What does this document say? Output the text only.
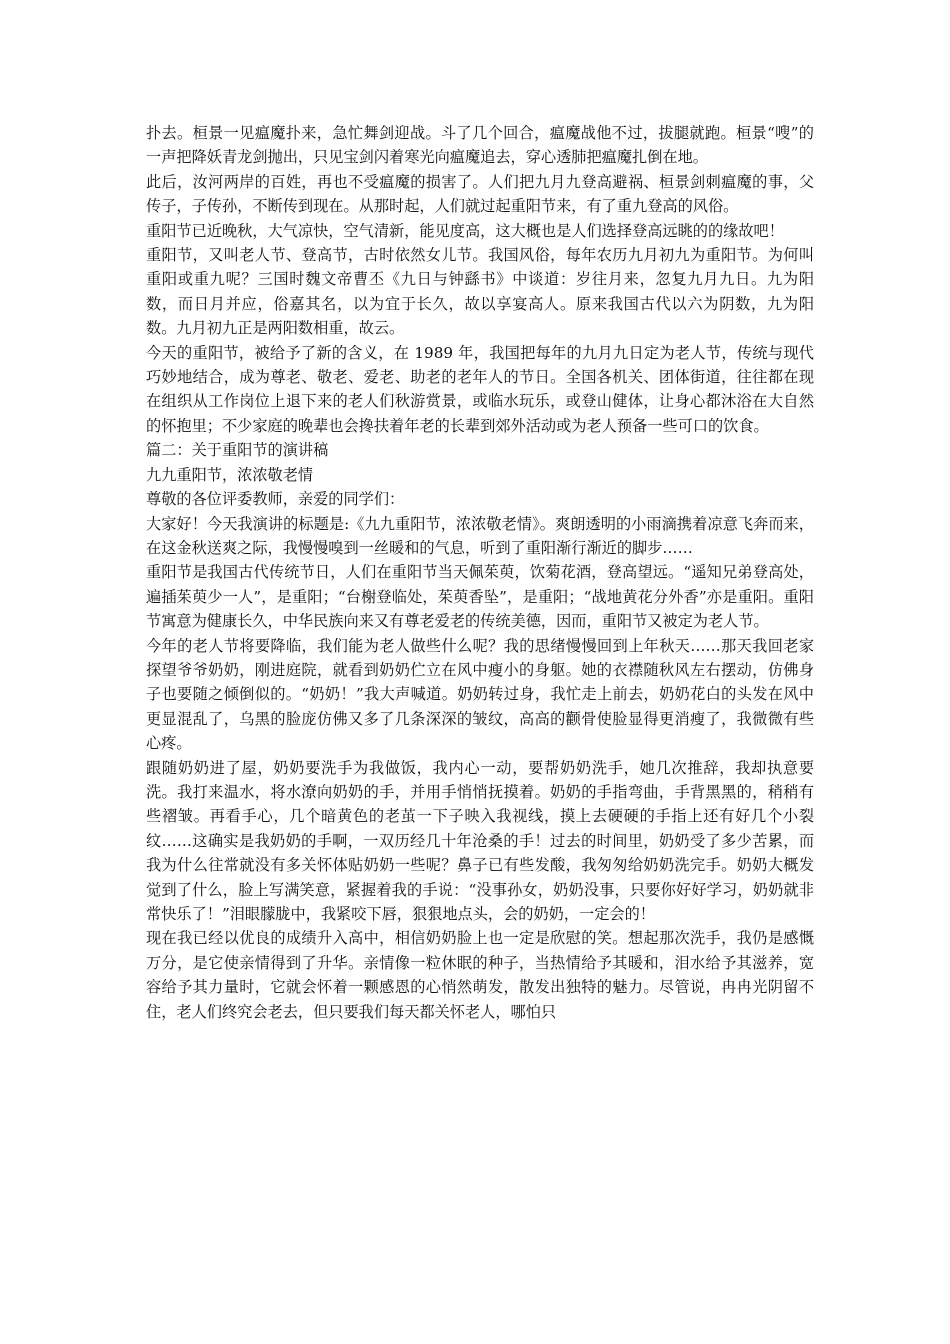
扑去。桓景一见瘟魔扑来，急忙舞剑迎战。斗了几个回合，瘟魔战他不过，拔腿就跑。桓景“嗖”的一声把降妖青龙剑抛出，只见宝剑闪着寒光向瘟魔追去，穿心透肺把瘟魔扎倒在地。

此后，汝河两岸的百姓，再也不受瘟魔的损害了。人们把九月九登高避祸、桓景剑刺瘟魔的事，父传子，子传孙，不断传到现在。从那时起，人们就过起重阳节来，有了重九登高的风俗。

重阳节已近晚秋，大气凉快，空气清新，能见度高，这大概也是人们选择登高远眺的的缘故吧！

重阳节，又叫老人节、登高节，古时依然女儿节。我国风俗，每年农历九月初九为重阳节。为何叫重阳或重九呢？三国时魏文帝曹丕《九日与钟繇书》中谈道：岁往月来，忽复九月九日。九为阳数，而日月并应，俗嘉其名，以为宜于长久，故以享宴高人。原来我国古代以六为阴数，九为阳数。九月初九正是两阳数相重，故云。

今天的重阳节，被给予了新的含义，在 1989 年，我国把每年的九月九日定为老人节，传统与现代巧妙地结合，成为尊老、敬老、爱老、助老的老年人的节日。全国各机关、团体街道，往往都在现在组织从工作岗位上退下来的老人们秋游赏景，或临水玩乐，或登山健体，让身心都沐浴在大自然的怀抱里；不少家庭的晚辈也会搀扶着年老的长辈到郊外活动或为老人预备一些可口的饮食。

篇二：关于重阳节的演讲稿

九九重阳节，浓浓敬老情

尊敬的各位评委教师，亲爱的同学们：

大家好！今天我演讲的标题是:《九九重阳节，浓浓敬老情》。爽朗透明的小雨滴携着凉意飞奔而来，在这金秋送爽之际，我慢慢嗅到一丝暖和的气息，听到了重阳渐行渐近的脚步……

重阳节是我国古代传统节日，人们在重阳节当天佩茱萸，饮菊花酒，登高望远。“遥知兄弟登高处，遍插茱萸少一人”，是重阳；“台榭登临处，茱萸香坠”，是重阳；“战地黄花分外香”亦是重阳。重阳节寓意为健康长久，中华民族向来又有尊老爱老的传统美德，因而，重阳节又被定为老人节。

今年的老人节将要降临，我们能为老人做些什么呢？我的思绪慢慢回到上年秋天……那天我回老家探望爷爷奶奶，刚进庭院，就看到奶奶伫立在风中瘦小的身躯。她的衣襟随秋风左右摆动，仿佛身子也要随之倾倒似的。“奶奶！”我大声喊道。奶奶转过身，我忙走上前去，奶奶花白的头发在风中更显混乱了，乌黑的脸庞仿佛又多了几条深深的皱纹，高高的颧骨使脸显得更消瘦了，我微微有些心疼。

跟随奶奶进了屋，奶奶要洗手为我做饭，我内心一动，要帮奶奶洗手，她几次推辞，我却执意要洗。我打来温水，将水潦向奶奶的手，并用手悄悄抚摸着。奶奶的手指弯曲，手背黑黑的，稍稍有些褶皱。再看手心，几个暗黄色的老茧一下子映入我视线，摸上去硬硬的手指上还有好几个小裂纹……这确实是我奶奶的手啊，一双历经几十年沧桑的手！过去的时间里，奶奶受了多少苦累，而我为什么往常就没有多关怀体贴奶奶一些呢？鼻子已有些发酸，我匆匆给奶奶洗完手。奶奶大概发觉到了什么，脸上写满笑意，紧握着我的手说：“没事孙女，奶奶没事，只要你好好学习，奶奶就非常快乐了！”泪眼朦胧中，我紧咬下唇，狠狠地点头，会的奶奶，一定会的！

现在我已经以优良的成绩升入高中，相信奶奶脸上也一定是欣慰的笑。想起那次洗手，我仍是感慨万分，是它使亲情得到了升华。亲情像一粒休眠的种子，当热情给予其暖和，泪水给予其滋养，宽容给予其力量时，它就会怀着一颗感恩的心悄然萌发，散发出独特的魅力。尽管说，冉冉光阴留不住，老人们终究会老去，但只要我们每天都关怀老人，哪怕只
